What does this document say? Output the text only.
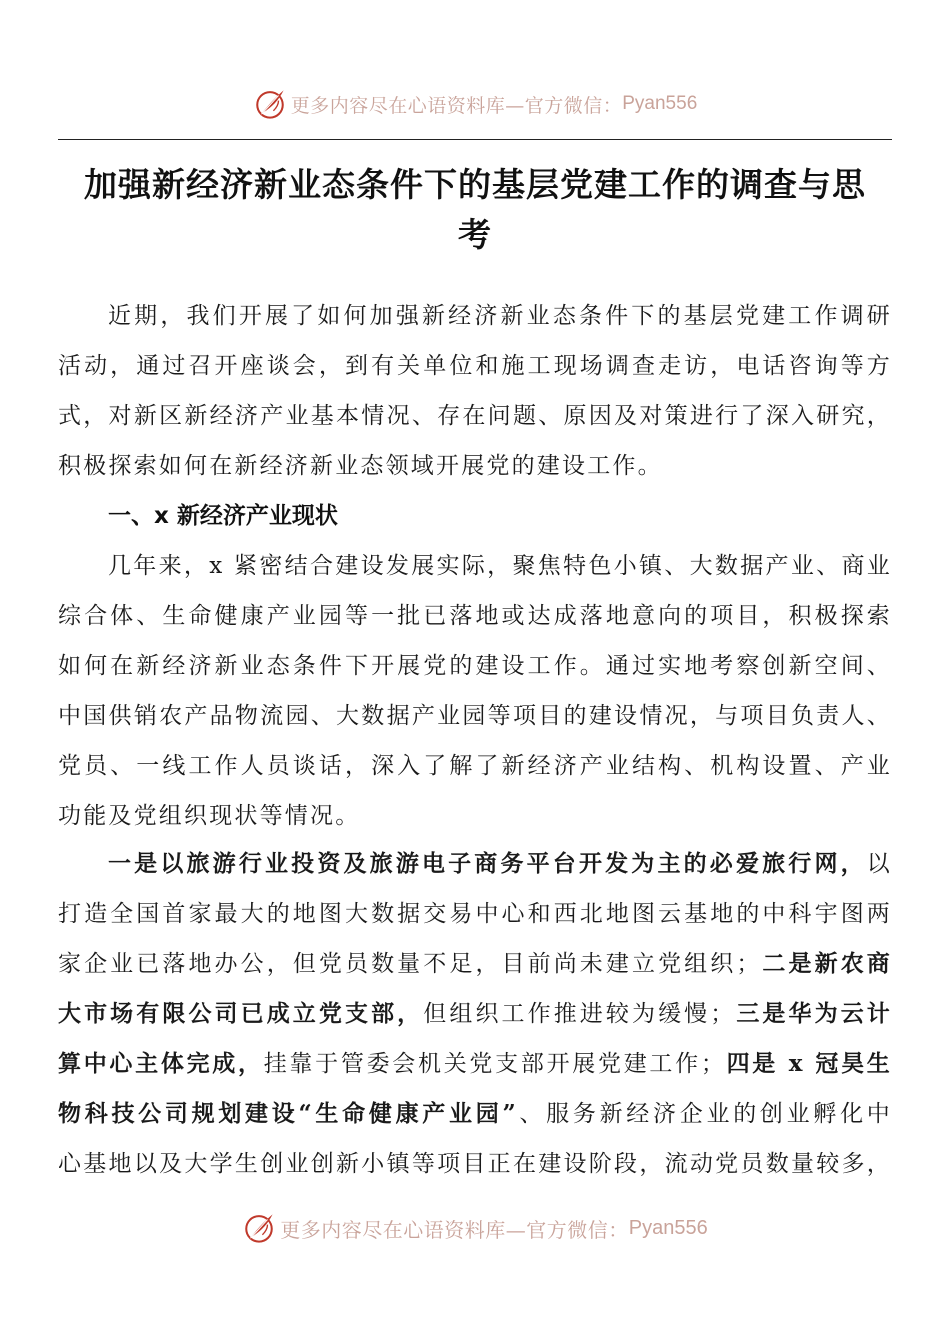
更多内容尽在心语资料库—官方微信： Pyan556
加强新经济新业态条件下的基层党建工作的调查与思
考
近期，我们开展了如何加强新经济新业态条件下的基层党建工作调研
活动，通过召开座谈会，到有关单位和施工现场调查走访，电话咨询等方
式，对新区新经济产业基本情况、存在问题、原因及对策进行了深入研究，
积极探索如何在新经济新业态领域开展党的建设工作。
一、x 新经济产业现状
几年来，x 紧密结合建设发展实际，聚焦特色小镇、大数据产业、商业
综合体、生命健康产业园等一批已落地或达成落地意向的项目，积极探索
如何在新经济新业态条件下开展党的建设工作。通过实地考察创新空间、
中国供销农产品物流园、大数据产业园等项目的建设情况，与项目负责人、
党员、一线工作人员谈话，深入了解了新经济产业结构、机构设置、产业
功能及党组织现状等情况。
一是以旅游行业投资及旅游电子商务平台开发为主的必爱旅行网，以
打造全国首家最大的地图大数据交易中心和西北地图云基地的中科宇图两
家企业已落地办公，但党员数量不足，目前尚未建立党组织；二是新农商
大市场有限公司已成立党支部，但组织工作推进较为缓慢；三是华为云计
算中心主体完成，挂靠于管委会机关党支部开展党建工作；四是 x 冠昊生
物科技公司规划建设“生命健康产业园”、服务新经济企业的创业孵化中
心基地以及大学生创业创新小镇等项目正在建设阶段，流动党员数量较多，
更多内容尽在心语资料库—官方微信： Pyan556
